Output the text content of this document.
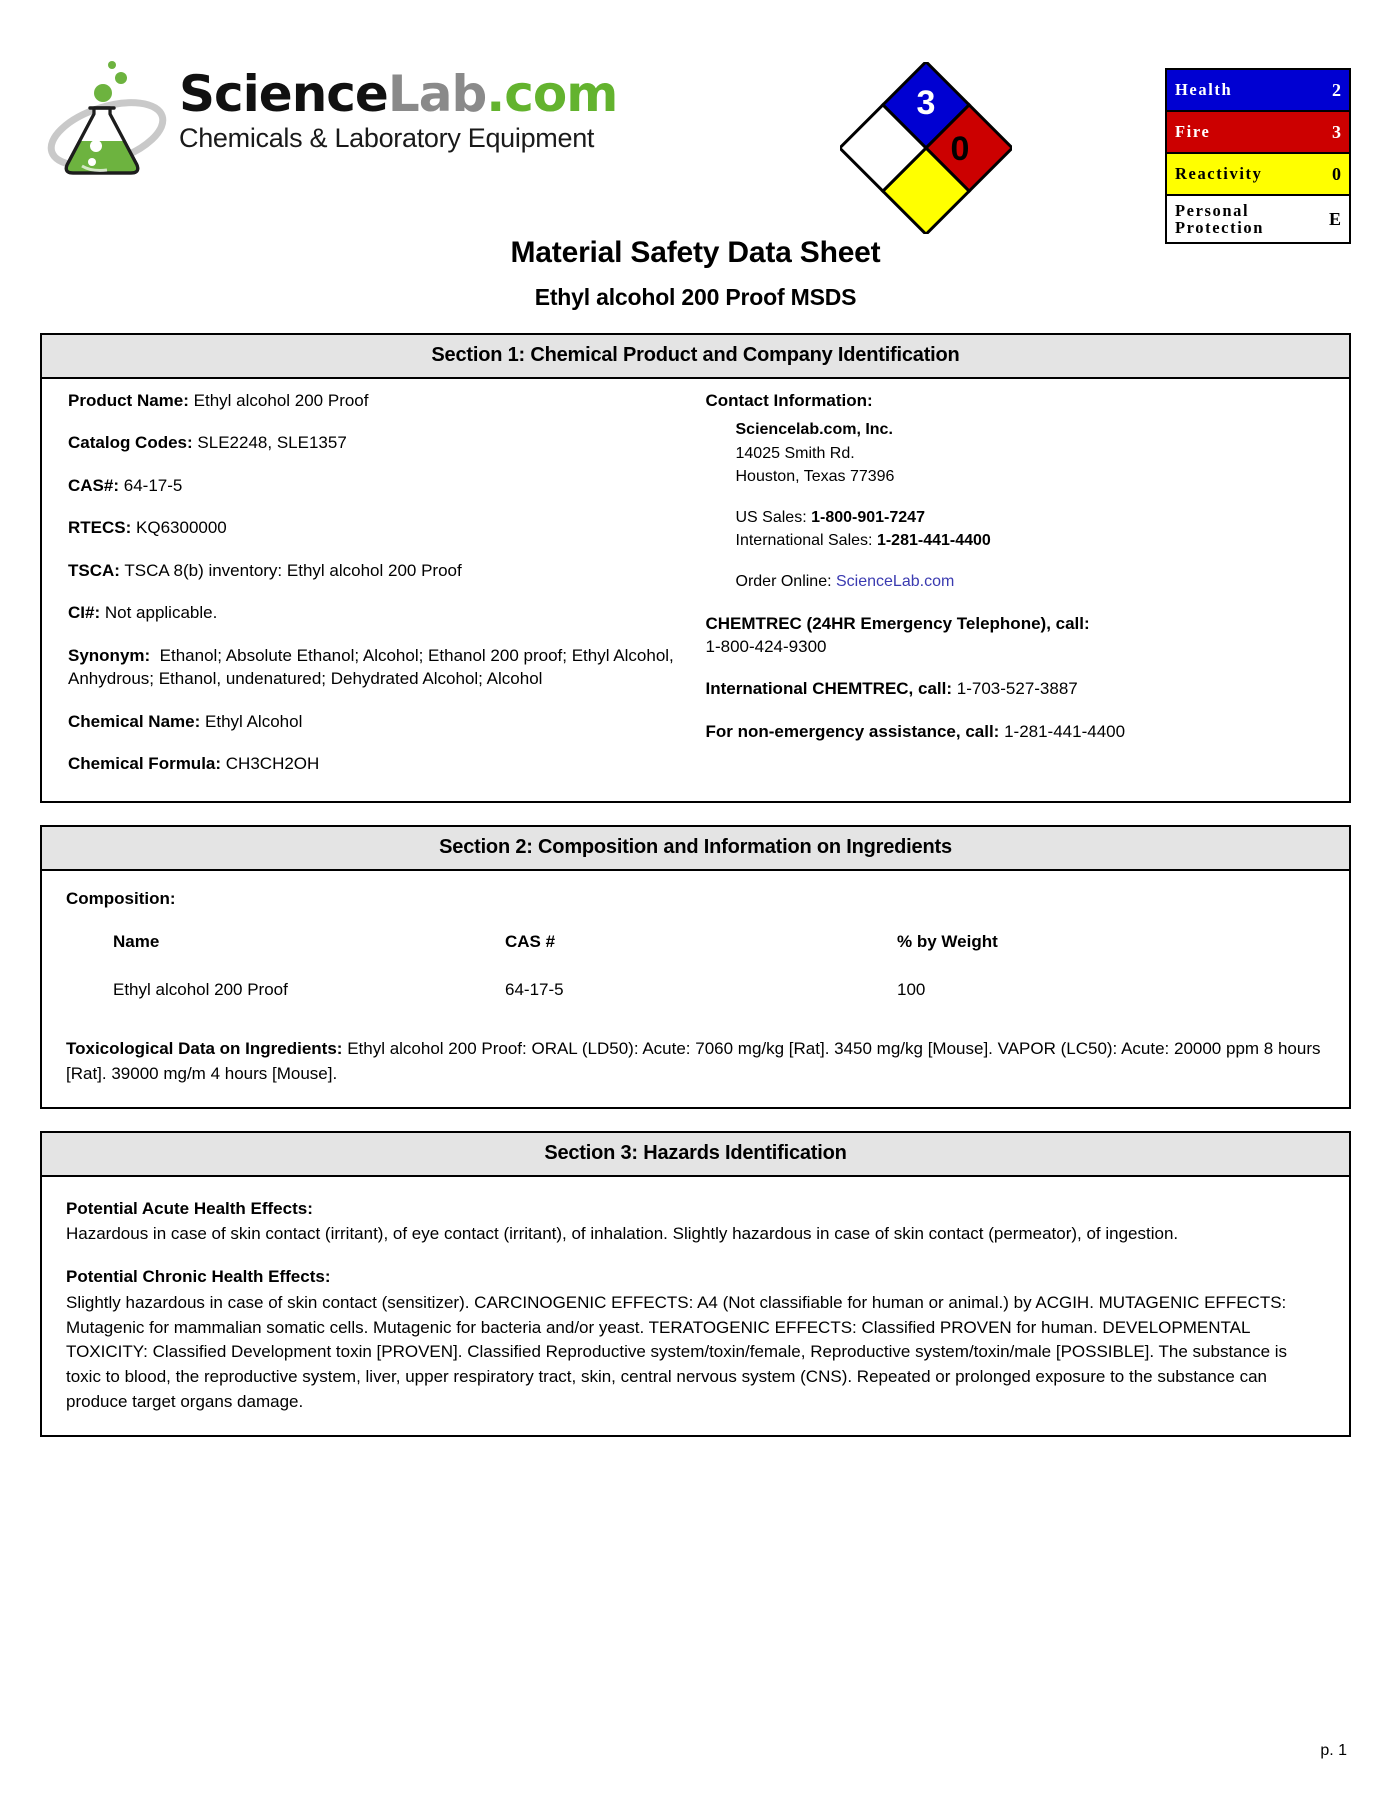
ScienceLab.com
Chemicals & Laboratory Equipment
3
2 0
Health	2
Fire	3
Reactivity	0
Personal
Protection	E
Material Safety Data Sheet
Ethyl alcohol 200 Proof MSDS
Section 1: Chemical Product and Company Identification
Product Name: Ethyl alcohol 200 Proof
Catalog Codes: SLE2248, SLE1357
CAS#: 64-17-5
RTECS: KQ6300000
TSCA: TSCA 8(b) inventory: Ethyl alcohol 200 Proof
CI#: Not applicable.
Synonym: Ethanol; Absolute Ethanol; Alcohol; Ethanol 200 proof; Ethyl Alcohol, Anhydrous; Ethanol, undenatured; Dehydrated Alcohol; Alcohol
Chemical Name: Ethyl Alcohol
Chemical Formula: CH3CH2OH
Contact Information:
Sciencelab.com, Inc.
14025 Smith Rd.
Houston, Texas 77396
US Sales: 1-800-901-7247
International Sales: 1-281-441-4400
Order Online: ScienceLab.com
CHEMTREC (24HR Emergency Telephone), call:
1-800-424-9300
International CHEMTREC, call: 1-703-527-3887
For non-emergency assistance, call: 1-281-441-4400
Section 2: Composition and Information on Ingredients
Composition:
Name	CAS #	% by Weight
Ethyl alcohol 200 Proof	64-17-5	100
Toxicological Data on Ingredients: Ethyl alcohol 200 Proof: ORAL (LD50): Acute: 7060 mg/kg [Rat]. 3450 mg/kg [Mouse]. VAPOR (LC50): Acute: 20000 ppm 8 hours [Rat]. 39000 mg/m 4 hours [Mouse].
Section 3: Hazards Identification
Potential Acute Health Effects:
Hazardous in case of skin contact (irritant), of eye contact (irritant), of inhalation. Slightly hazardous in case of skin contact (permeator), of ingestion.
Potential Chronic Health Effects:
Slightly hazardous in case of skin contact (sensitizer). CARCINOGENIC EFFECTS: A4 (Not classifiable for human or animal.) by ACGIH. MUTAGENIC EFFECTS: Mutagenic for mammalian somatic cells. Mutagenic for bacteria and/or yeast. TERATOGENIC EFFECTS: Classified PROVEN for human. DEVELOPMENTAL TOXICITY: Classified Development toxin [PROVEN]. Classified Reproductive system/toxin/female, Reproductive system/toxin/male [POSSIBLE]. The substance is toxic to blood, the reproductive system, liver, upper respiratory tract, skin, central nervous system (CNS). Repeated or prolonged exposure to the substance can produce target organs damage.
p. 1
